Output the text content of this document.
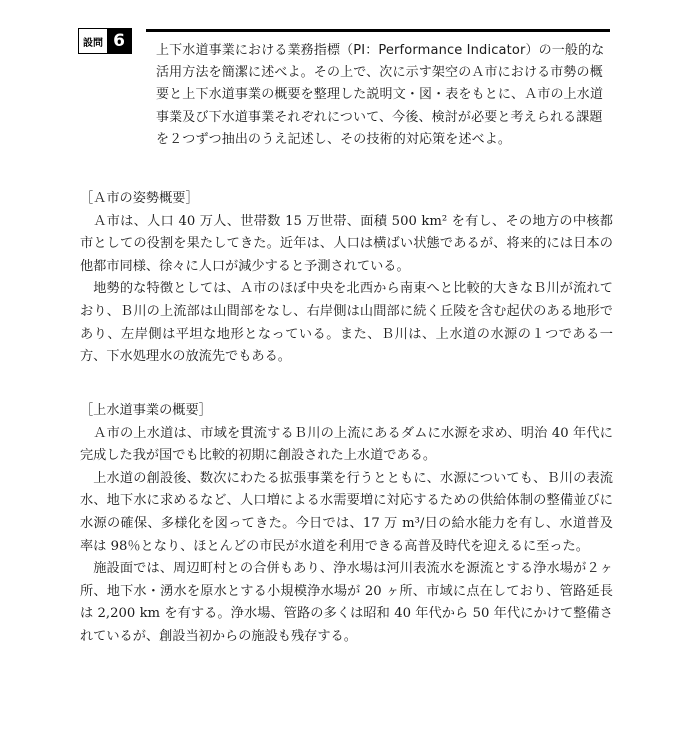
設問 6	上下水道事業における業務指標（PI：Performance Indicator）の一般的な活用方法を簡潔に述べよ。その上で、次に示す架空のＡ市における市勢の概要と上下水道事業の概要を整理した説明文・図・表をもとに、Ａ市の上水道事業及び下水道事業それぞれについて、今後、検討が必要と考えられる課題を２つずつ抽出のうえ記述し、その技術的対応策を述べよ。

［Ａ市の姿勢概要］

Ａ市は、人口 40 万人、世帯数 15 万世帯、面積 500 km² を有し、その地方の中核都市としての役割を果たしてきた。近年は、人口は横ばい状態であるが、将来的には日本の他都市同様、徐々に人口が減少すると予測されている。

地勢的な特徴としては、Ａ市のほぼ中央を北西から南東へと比較的大きなＢ川が流れており、Ｂ川の上流部は山間部をなし、右岸側は山間部に続く丘陵を含む起伏のある地形であり、左岸側は平坦な地形となっている。また、Ｂ川は、上水道の水源の１つである一方、下水処理水の放流先でもある。

［上水道事業の概要］

Ａ市の上水道は、市域を貫流するＢ川の上流にあるダムに水源を求め、明治 40 年代に完成した我が国でも比較的初期に創設された上水道である。

上水道の創設後、数次にわたる拡張事業を行うとともに、水源についても、Ｂ川の表流水、地下水に求めるなど、人口増による水需要増に対応するための供給体制の整備並びに水源の確保、多様化を図ってきた。今日では、17 万 m³/日の給水能力を有し、水道普及率は 98％となり、ほとんどの市民が水道を利用できる高普及時代を迎えるに至った。

施設面では、周辺町村との合併もあり、浄水場は河川表流水を源流とする浄水場が２ヶ所、地下水・湧水を原水とする小規模浄水場が 20 ヶ所、市域に点在しており、管路延長は 2,200 km を有する。浄水場、管路の多くは昭和 40 年代から 50 年代にかけて整備されているが、創設当初からの施設も残存する。
